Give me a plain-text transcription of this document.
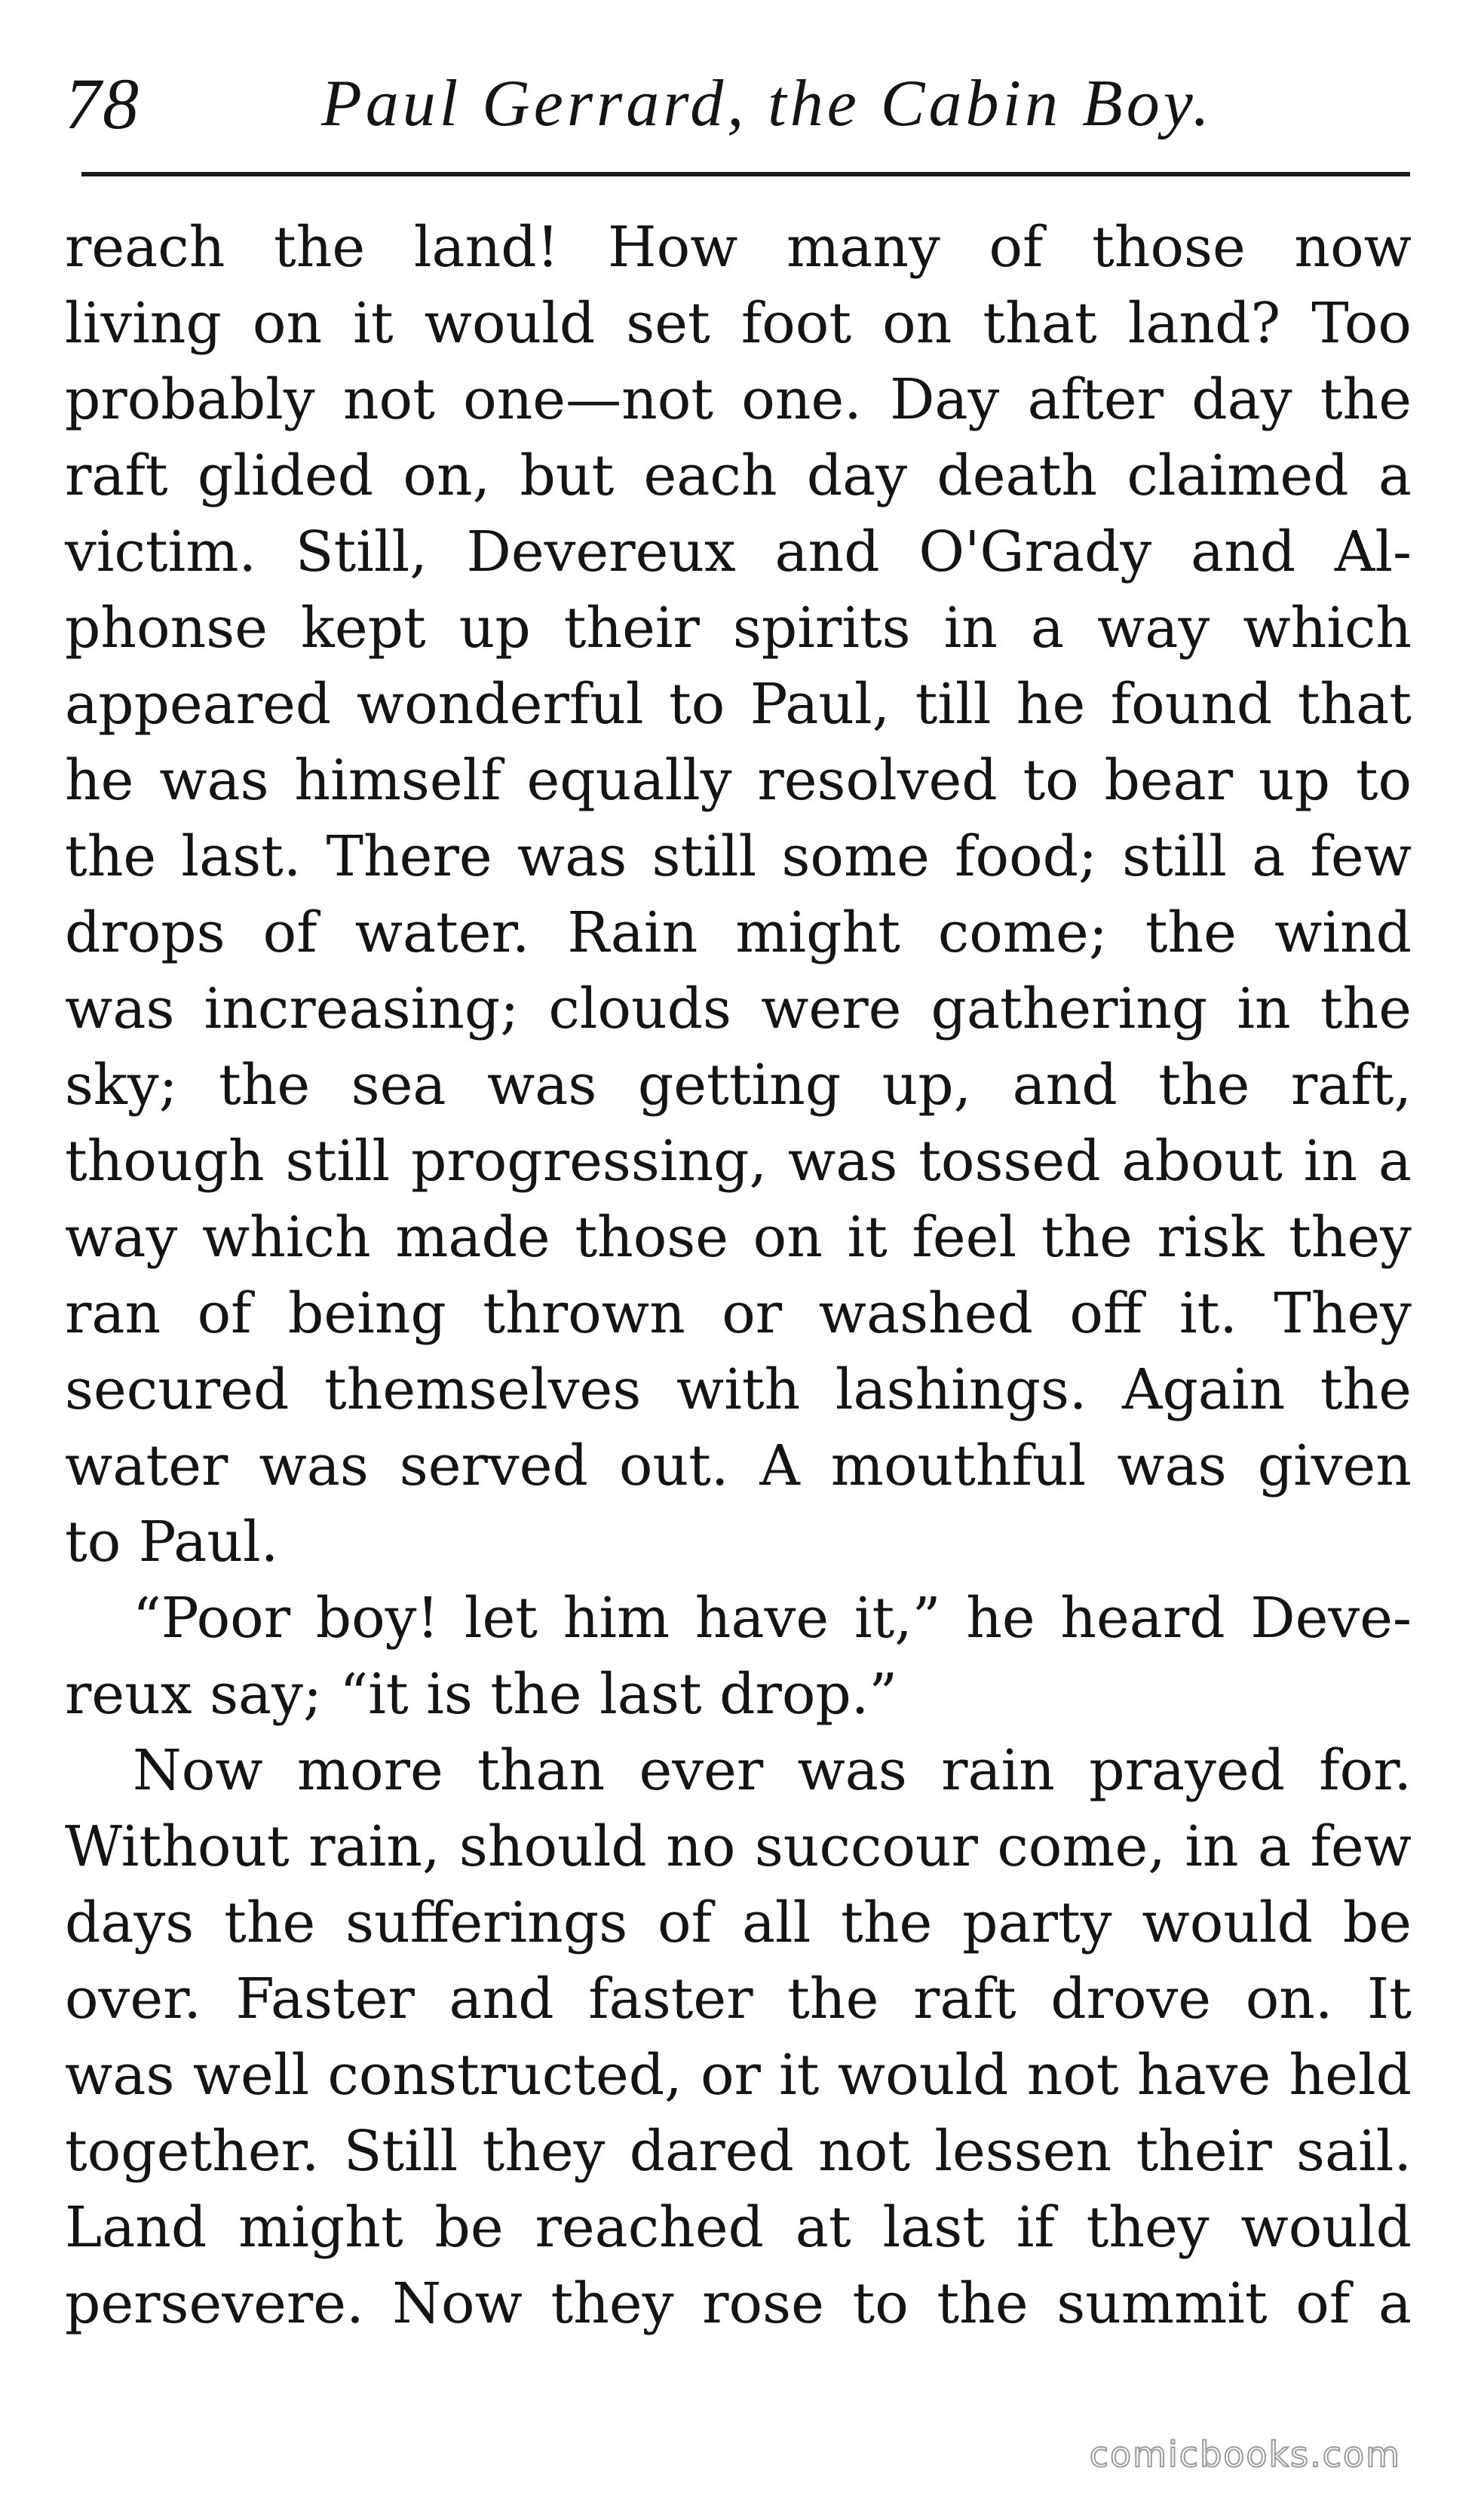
78	Paul Gerrard, the Cabin Boy.
reach the land! How many of those now
living on it would set foot on that land? Too
probably not one—not one. Day after day the
raft glided on, but each day death claimed a
victim. Still, Devereux and O'Grady and Al-
phonse kept up their spirits in a way which
appeared wonderful to Paul, till he found that
he was himself equally resolved to bear up to
the last. There was still some food; still a few
drops of water. Rain might come; the wind
was increasing; clouds were gathering in the
sky; the sea was getting up, and the raft,
though still progressing, was tossed about in a
way which made those on it feel the risk they
ran of being thrown or washed off it. They
secured themselves with lashings. Again the
water was served out. A mouthful was given
to Paul.
“Poor boy! let him have it,” he heard Deve-
reux say; “it is the last drop.”
Now more than ever was rain prayed for.
Without rain, should no succour come, in a few
days the sufferings of all the party would be
over. Faster and faster the raft drove on. It
was well constructed, or it would not have held
together. Still they dared not lessen their sail.
Land might be reached at last if they would
persevere. Now they rose to the summit of a
comicbooks.com
